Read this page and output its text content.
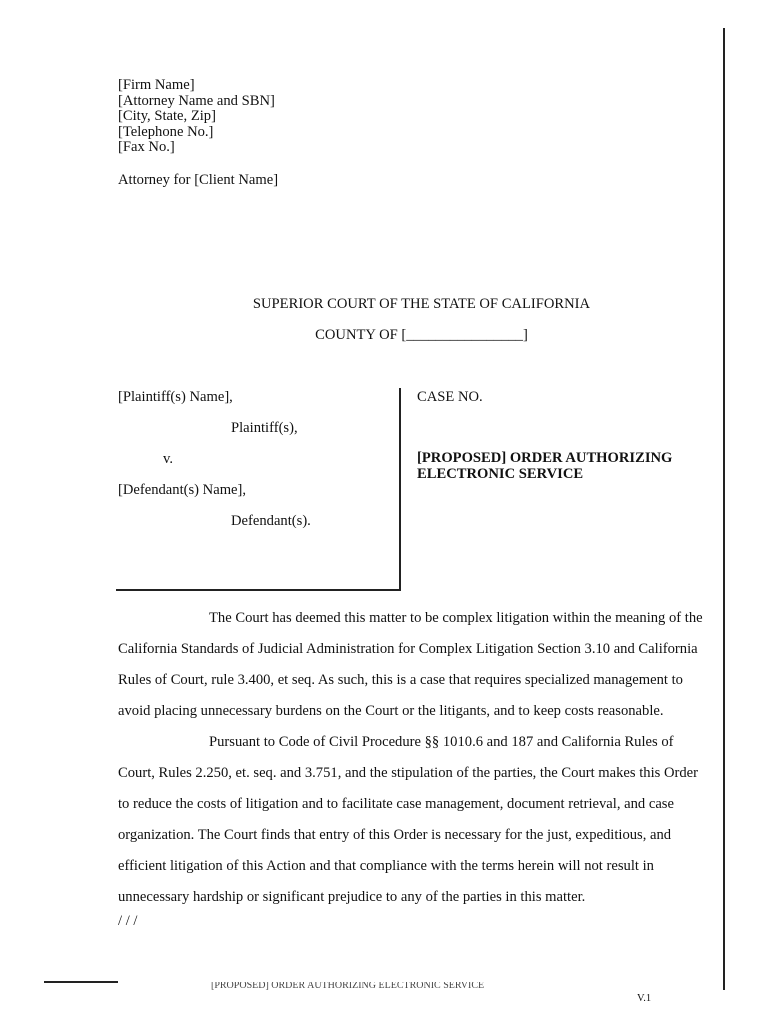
[Firm Name]
[Attorney Name and SBN]
[City, State, Zip]
[Telephone No.]
[Fax No.]
Attorney for [Client Name]
SUPERIOR COURT OF THE STATE OF CALIFORNIA
COUNTY OF [________________]
[Plaintiff(s) Name],
Plaintiff(s),
v.
[Defendant(s) Name],
Defendant(s).
CASE NO.
[PROPOSED] ORDER AUTHORIZING
ELECTRONIC SERVICE
The Court has deemed this matter to be complex litigation within the meaning of the
California Standards of Judicial Administration for Complex Litigation Section 3.10 and California
Rules of Court, rule 3.400, et seq. As such, this is a case that requires specialized management to
avoid placing unnecessary burdens on the Court or the litigants, and to keep costs reasonable.
Pursuant to Code of Civil Procedure §§ 1010.6 and 187 and California Rules of
Court, Rules 2.250, et. seq. and 3.751, and the stipulation of the parties, the Court makes this Order
to reduce the costs of litigation and to facilitate case management, document retrieval, and case
organization. The Court finds that entry of this Order is necessary for the just, expeditious, and
efficient litigation of this Action and that compliance with the terms herein will not result in
unnecessary hardship or significant prejudice to any of the parties in this matter.
/ / /
[PROPOSED] ORDER AUTHORIZING ELECTRONIC SERVICE
V.1
